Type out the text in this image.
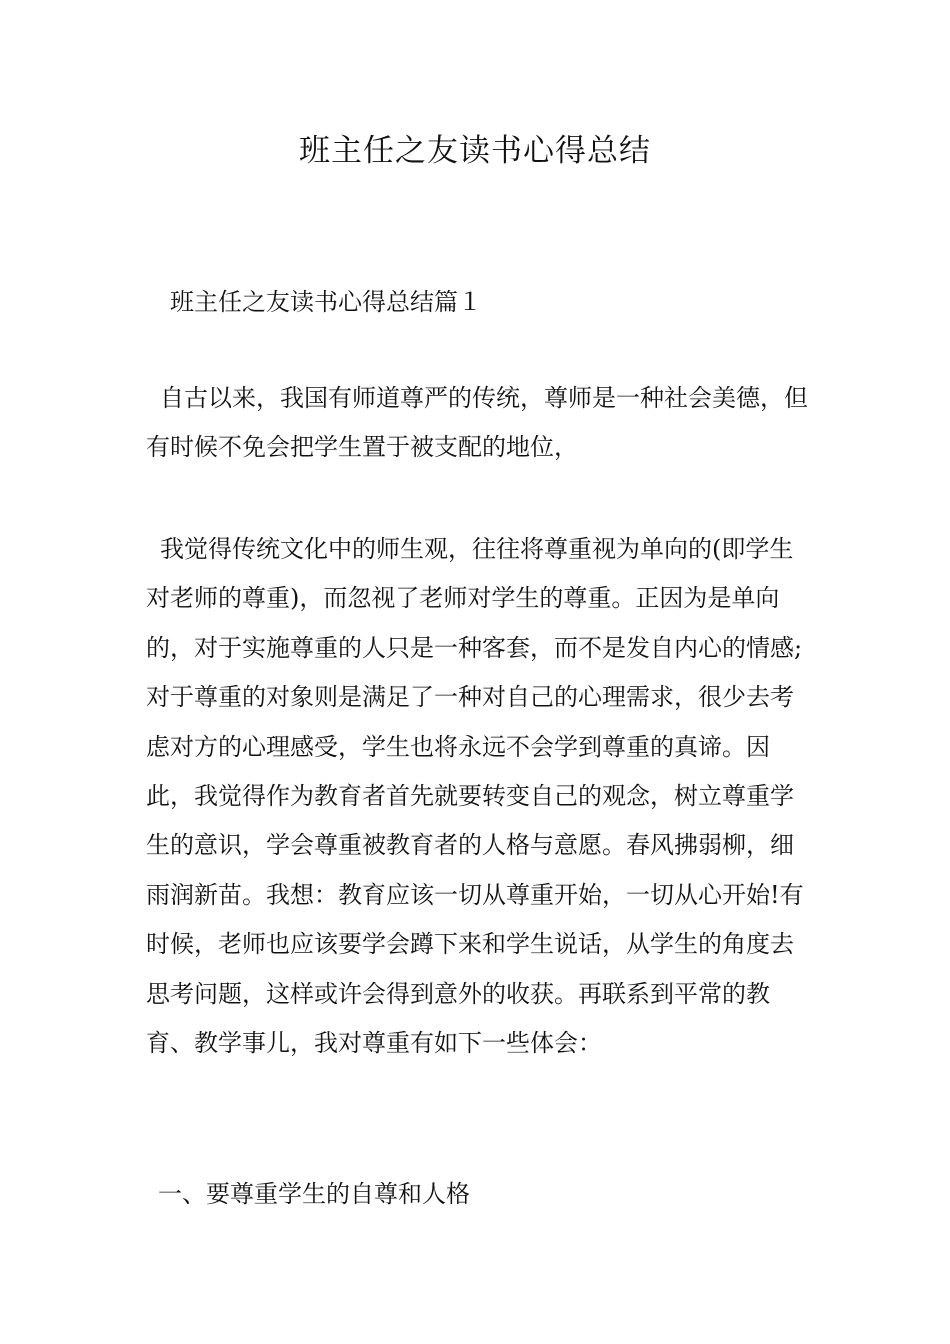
班主任之友读书心得总结

班主任之友读书心得总结篇１

自古以来，我国有师道尊严的传统，尊师是一种社会美德，但有时候不免会把学生置于被支配的地位，

我觉得传统文化中的师生观，往往将尊重视为单向的(即学生对老师的尊重)，而忽视了老师对学生的尊重。正因为是单向的，对于实施尊重的人只是一种客套，而不是发自内心的情感;对于尊重的对象则是满足了一种对自己的心理需求，很少去考虑对方的心理感受，学生也将永远不会学到尊重的真谛。因此，我觉得作为教育者首先就要转变自己的观念，树立尊重学生的意识，学会尊重被教育者的人格与意愿。春风拂弱柳，细雨润新苗。我想：教育应该一切从尊重开始，一切从心开始!有时候，老师也应该要学会蹲下来和学生说话，从学生的角度去思考问题，这样或许会得到意外的收获。再联系到平常的教育、教学事儿，我对尊重有如下一些体会：

一、要尊重学生的自尊和人格
